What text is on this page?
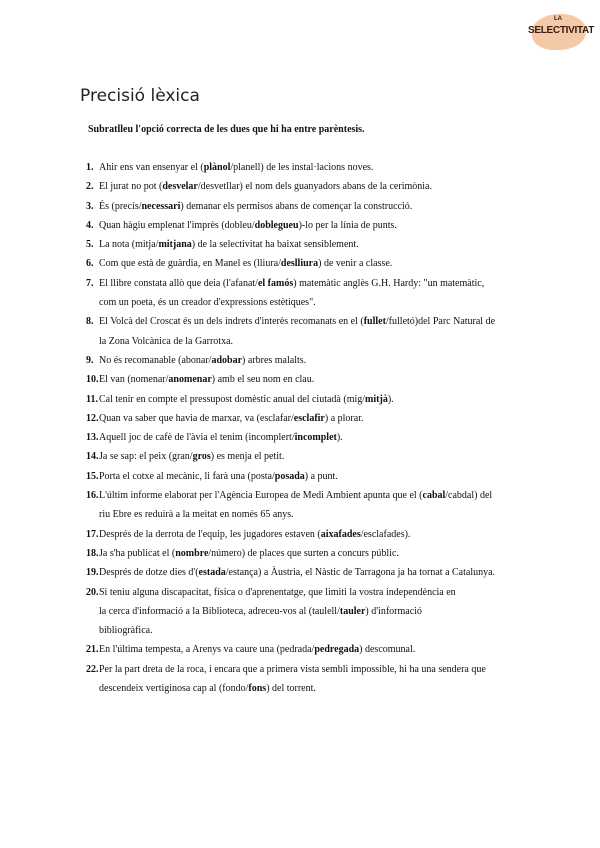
LA
SELECTIVITAT
Precisió lèxica
Subratlleu l'opció correcta de les dues que hi ha entre parèntesis.
1. Ahir ens van ensenyar el (plànol/planell) de les instal·lacions noves.
2. El jurat no pot (desvelar/desvetllar) el nom dels guanyadors abans de la cerimònia.
3. És (precís/necessari) demanar els permisos abans de començar la construcció.
4. Quan hàgiu emplenat l'imprès (dobleu/doblegueu)-lo per la línia de punts.
5. La nota (mitja/mitjana) de la selectivitat ha baixat sensiblement.
6. Com que està de guàrdia, en Manel es (lliura/deslliura) de venir a classe.
7. El llibre constata allò que deia (l'afanat/el famós) matemàtic anglès G.H. Hardy: "un matemàtic,
com un poeta, és un creador d'expressions estètiques".
8. El Volcà del Croscat és un dels indrets d'interès recomanats en el (fullet/fulletó)del Parc Natural de
la Zona Volcànica de la Garrotxa.
9. No és recomanable (abonar/adobar) arbres malalts.
10. El van (nomenar/anomenar) amb el seu nom en clau.
11. Cal tenir en compte el pressupost domèstic anual del ciutadà (mig/mitjà).
12. Quan va saber que havia de marxar, va (esclafar/esclafir) a plorar.
13. Aquell joc de cafè de l'àvia el tenim (incomplert/incomplet).
14. Ja se sap: el peix (gran/gros) es menja el petit.
15. Porta el cotxe al mecànic, li farà una (posta/posada) a punt.
16. L'últim informe elaborat per l'Agència Europea de Medi Ambient apunta que el (cabal/cabdal) del
riu Ebre es reduirà a la meitat en només 65 anys.
17. Després de la derrota de l'equip, les jugadores estaven (aixafades/esclafades).
18. Ja s'ha publicat el (nombre/número) de places que surten a concurs públic.
19. Després de dotze dies d'(estada/estança) a Àustria, el Nàstic de Tarragona ja ha tornat a Catalunya.
20. Si teniu alguna discapacitat, física o d'aprenentatge, que limiti la vostra independència en
la cerca d'informació a la Biblioteca, adreceu-vos al (taulell/tauler) d'informació
bibliogràfica.
21. En l'última tempesta, a Arenys va caure una (pedrada/pedregada) descomunal.
22. Per la part dreta de la roca, i encara que a primera vista sembli impossible, hi ha una sendera que
descendeix vertiginosa cap al (fondo/fons) del torrent.
